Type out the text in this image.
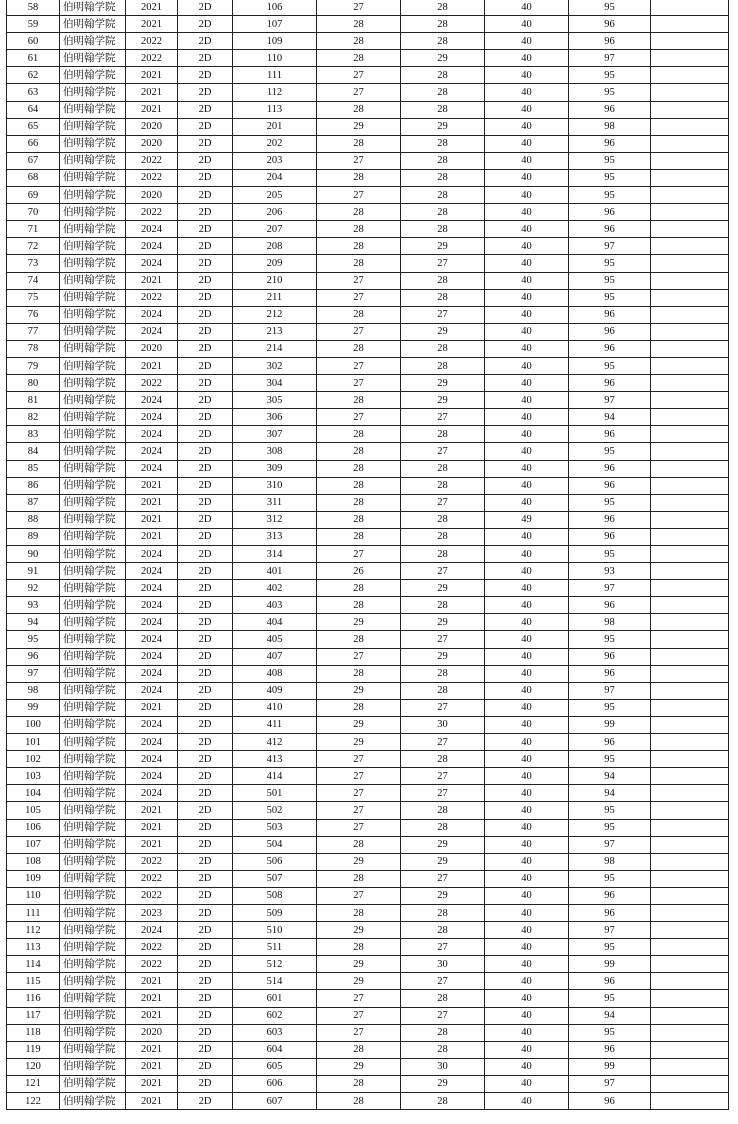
58	伯明翰学院	2021	2D	106	27	28	40	95	
59	伯明翰学院	2021	2D	107	28	28	40	96	
60	伯明翰学院	2022	2D	109	28	28	40	96	
61	伯明翰学院	2022	2D	110	28	29	40	97	
62	伯明翰学院	2021	2D	111	27	28	40	95	
63	伯明翰学院	2021	2D	112	27	28	40	95	
64	伯明翰学院	2021	2D	113	28	28	40	96	
65	伯明翰学院	2020	2D	201	29	29	40	98	
66	伯明翰学院	2020	2D	202	28	28	40	96	
67	伯明翰学院	2022	2D	203	27	28	40	95	
68	伯明翰学院	2022	2D	204	28	28	40	95	
69	伯明翰学院	2020	2D	205	27	28	40	95	
70	伯明翰学院	2022	2D	206	28	28	40	96	
71	伯明翰学院	2024	2D	207	28	28	40	96	
72	伯明翰学院	2024	2D	208	28	29	40	97	
73	伯明翰学院	2024	2D	209	28	27	40	95	
74	伯明翰学院	2021	2D	210	27	28	40	95	
75	伯明翰学院	2022	2D	211	27	28	40	95	
76	伯明翰学院	2024	2D	212	28	27	40	96	
77	伯明翰学院	2024	2D	213	27	29	40	96	
78	伯明翰学院	2020	2D	214	28	28	40	96	
79	伯明翰学院	2021	2D	302	27	28	40	95	
80	伯明翰学院	2022	2D	304	27	29	40	96	
81	伯明翰学院	2024	2D	305	28	29	40	97	
82	伯明翰学院	2024	2D	306	27	27	40	94	
83	伯明翰学院	2024	2D	307	28	28	40	96	
84	伯明翰学院	2024	2D	308	28	27	40	95	
85	伯明翰学院	2024	2D	309	28	28	40	96	
86	伯明翰学院	2021	2D	310	28	28	40	96	
87	伯明翰学院	2021	2D	311	28	27	40	95	
88	伯明翰学院	2021	2D	312	28	28	49	96	
89	伯明翰学院	2021	2D	313	28	28	40	96	
90	伯明翰学院	2024	2D	314	27	28	40	95	
91	伯明翰学院	2024	2D	401	26	27	40	93	
92	伯明翰学院	2024	2D	402	28	29	40	97	
93	伯明翰学院	2024	2D	403	28	28	40	96	
94	伯明翰学院	2024	2D	404	29	29	40	98	
95	伯明翰学院	2024	2D	405	28	27	40	95	
96	伯明翰学院	2024	2D	407	27	29	40	96	
97	伯明翰学院	2024	2D	408	28	28	40	96	
98	伯明翰学院	2024	2D	409	29	28	40	97	
99	伯明翰学院	2021	2D	410	28	27	40	95	
100	伯明翰学院	2024	2D	411	29	30	40	99	
101	伯明翰学院	2024	2D	412	29	27	40	96	
102	伯明翰学院	2024	2D	413	27	28	40	95	
103	伯明翰学院	2024	2D	414	27	27	40	94	
104	伯明翰学院	2024	2D	501	27	27	40	94	
105	伯明翰学院	2021	2D	502	27	28	40	95	
106	伯明翰学院	2021	2D	503	27	28	40	95	
107	伯明翰学院	2021	2D	504	28	29	40	97	
108	伯明翰学院	2022	2D	506	29	29	40	98	
109	伯明翰学院	2022	2D	507	28	27	40	95	
110	伯明翰学院	2022	2D	508	27	29	40	96	
111	伯明翰学院	2023	2D	509	28	28	40	96	
112	伯明翰学院	2024	2D	510	29	28	40	97	
113	伯明翰学院	2022	2D	511	28	27	40	95	
114	伯明翰学院	2022	2D	512	29	30	40	99	
115	伯明翰学院	2021	2D	514	29	27	40	96	
116	伯明翰学院	2021	2D	601	27	28	40	95	
117	伯明翰学院	2021	2D	602	27	27	40	94	
118	伯明翰学院	2020	2D	603	27	28	40	95	
119	伯明翰学院	2021	2D	604	28	28	40	96	
120	伯明翰学院	2021	2D	605	29	30	40	99	
121	伯明翰学院	2021	2D	606	28	29	40	97	
122	伯明翰学院	2021	2D	607	28	28	40	96	
